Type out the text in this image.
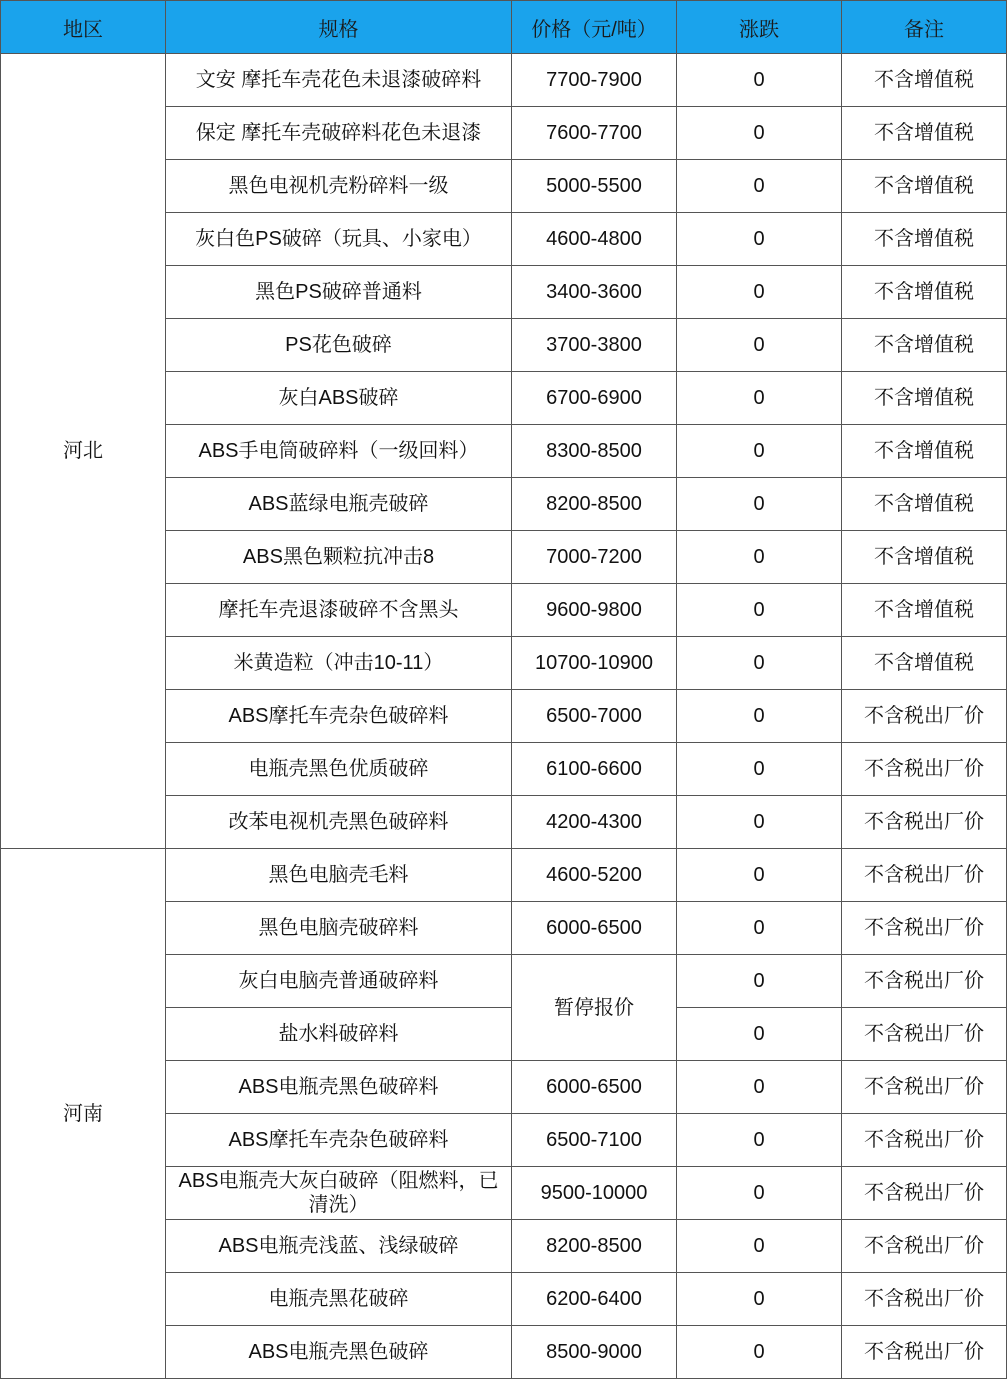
地区	规格	价格（元/吨）	涨跌	备注
河北	文安 摩托车壳花色未退漆破碎料	7700-7900	0	不含增值税
	保定 摩托车壳破碎料花色未退漆	7600-7700	0	不含增值税
	黑色电视机壳粉碎料一级	5000-5500	0	不含增值税
	灰白色PS破碎（玩具、小家电）	4600-4800	0	不含增值税
	黑色PS破碎普通料	3400-3600	0	不含增值税
	PS花色破碎	3700-3800	0	不含增值税
	灰白ABS破碎	6700-6900	0	不含增值税
	ABS手电筒破碎料（一级回料）	8300-8500	0	不含增值税
	ABS蓝绿电瓶壳破碎	8200-8500	0	不含增值税
	ABS黑色颗粒抗冲击8	7000-7200	0	不含增值税
	摩托车壳退漆破碎不含黑头	9600-9800	0	不含增值税
	米黄造粒（冲击10-11）	10700-10900	0	不含增值税
	ABS摩托车壳杂色破碎料	6500-7000	0	不含税出厂价
	电瓶壳黑色优质破碎	6100-6600	0	不含税出厂价
	改苯电视机壳黑色破碎料	4200-4300	0	不含税出厂价
河南	黑色电脑壳毛料	4600-5200	0	不含税出厂价
	黑色电脑壳破碎料	6000-6500	0	不含税出厂价
	灰白电脑壳普通破碎料	暂停报价	0	不含税出厂价
	盐水料破碎料		0	不含税出厂价
	ABS电瓶壳黑色破碎料	6000-6500	0	不含税出厂价
	ABS摩托车壳杂色破碎料	6500-7100	0	不含税出厂价
	ABS电瓶壳大灰白破碎（阻燃料，已清洗）	9500-10000	0	不含税出厂价
	ABS电瓶壳浅蓝、浅绿破碎	8200-8500	0	不含税出厂价
	电瓶壳黑花破碎	6200-6400	0	不含税出厂价
	ABS电瓶壳黑色破碎	8500-9000	0	不含税出厂价
